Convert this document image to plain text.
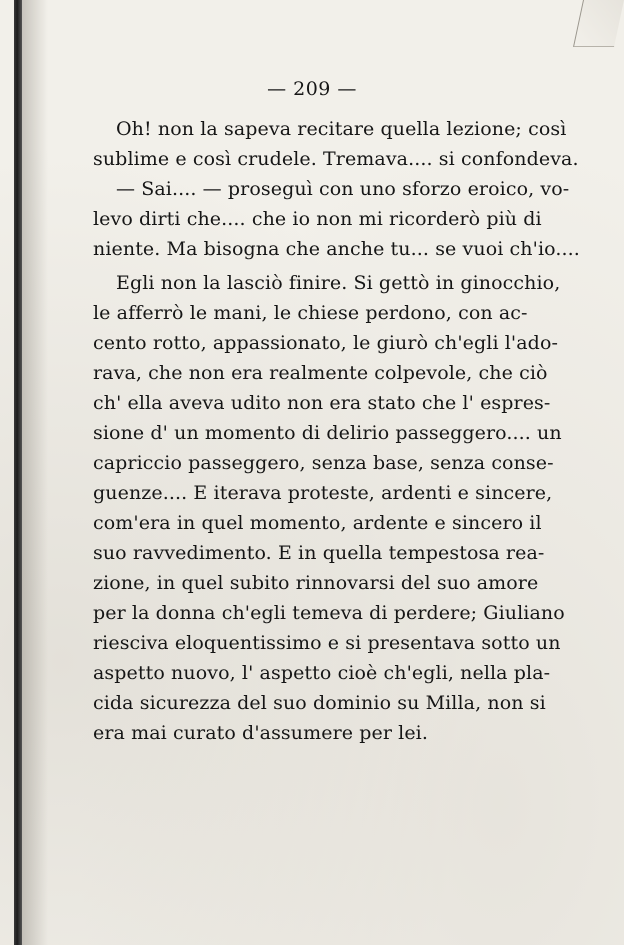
— 209 —
Oh! non la sapeva recitare quella lezione; così
sublime e così crudele. Tremava.... si confondeva.
— Sai.... — proseguì con uno sforzo eroico, vo-
levo dirti che.... che io non mi ricorderò più di
niente. Ma bisogna che anche tu... se vuoi ch'io....
Egli non la lasciò finire. Si gettò in ginocchio,
le afferrò le mani, le chiese perdono, con ac-
cento rotto, appassionato, le giurò ch'egli l'ado-
rava, che non era realmente colpevole, che ciò
ch' ella aveva udito non era stato che l' espres-
sione d' un momento di delirio passeggero.... un
capriccio passeggero, senza base, senza conse-
guenze.... E iterava proteste, ardenti e sincere,
com'era in quel momento, ardente e sincero il
suo ravvedimento. E in quella tempestosa rea-
zione, in quel subito rinnovarsi del suo amore
per la donna ch'egli temeva di perdere; Giuliano
riesciva eloquentissimo e si presentava sotto un
aspetto nuovo, l' aspetto cioè ch'egli, nella pla-
cida sicurezza del suo dominio su Milla, non si
era mai curato d'assumere per lei.
